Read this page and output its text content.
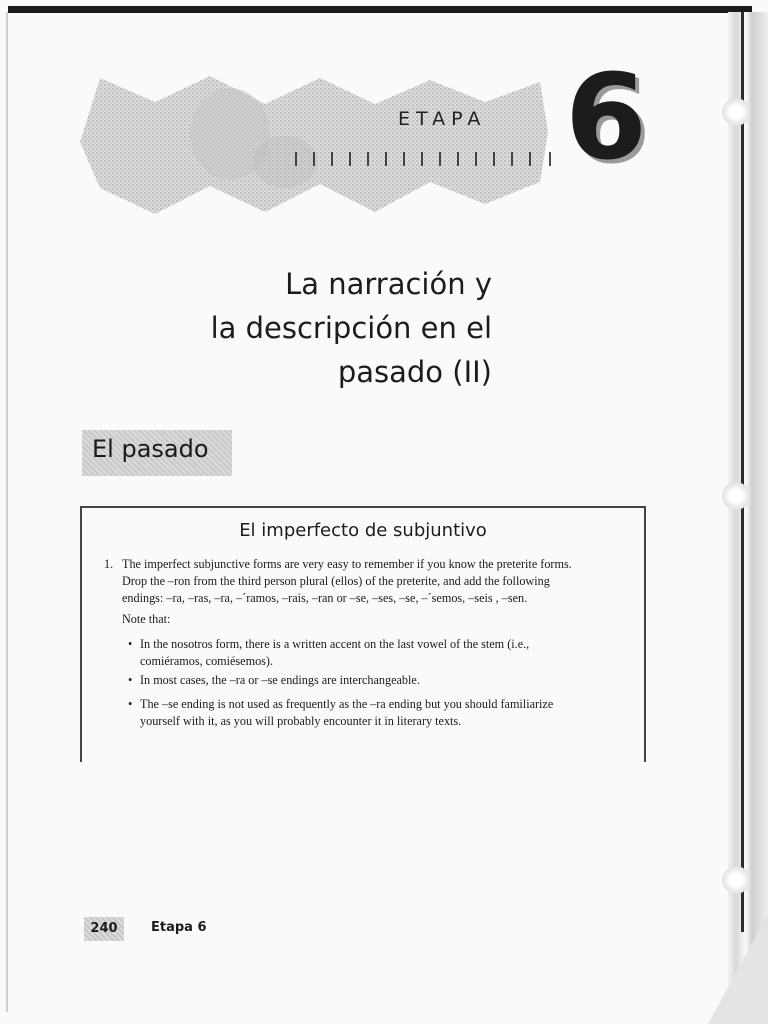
ETAPA 6
La narración y
la descripción en el
pasado (II)
El pasado
El imperfecto de subjuntivo
1. The imperfect subjunctive forms are very easy to remember if you know the preterite forms.
Drop the –ron from the third person plural (ellos) of the preterite, and add the following
endings: –ra, –ras, –ra, –´ramos, –rais, –ran or –se, –ses, –se, –´semos, –seis , –sen.
Note that:
• In the nosotros form, there is a written accent on the last vowel of the stem (i.e.,
comiéramos, comiésemos).
• In most cases, the –ra or –se endings are interchangeable.
• The –se ending is not used as frequently as the –ra ending but you should familiarize
yourself with it, as you will probably encounter it in literary texts.
240	Etapa 6
